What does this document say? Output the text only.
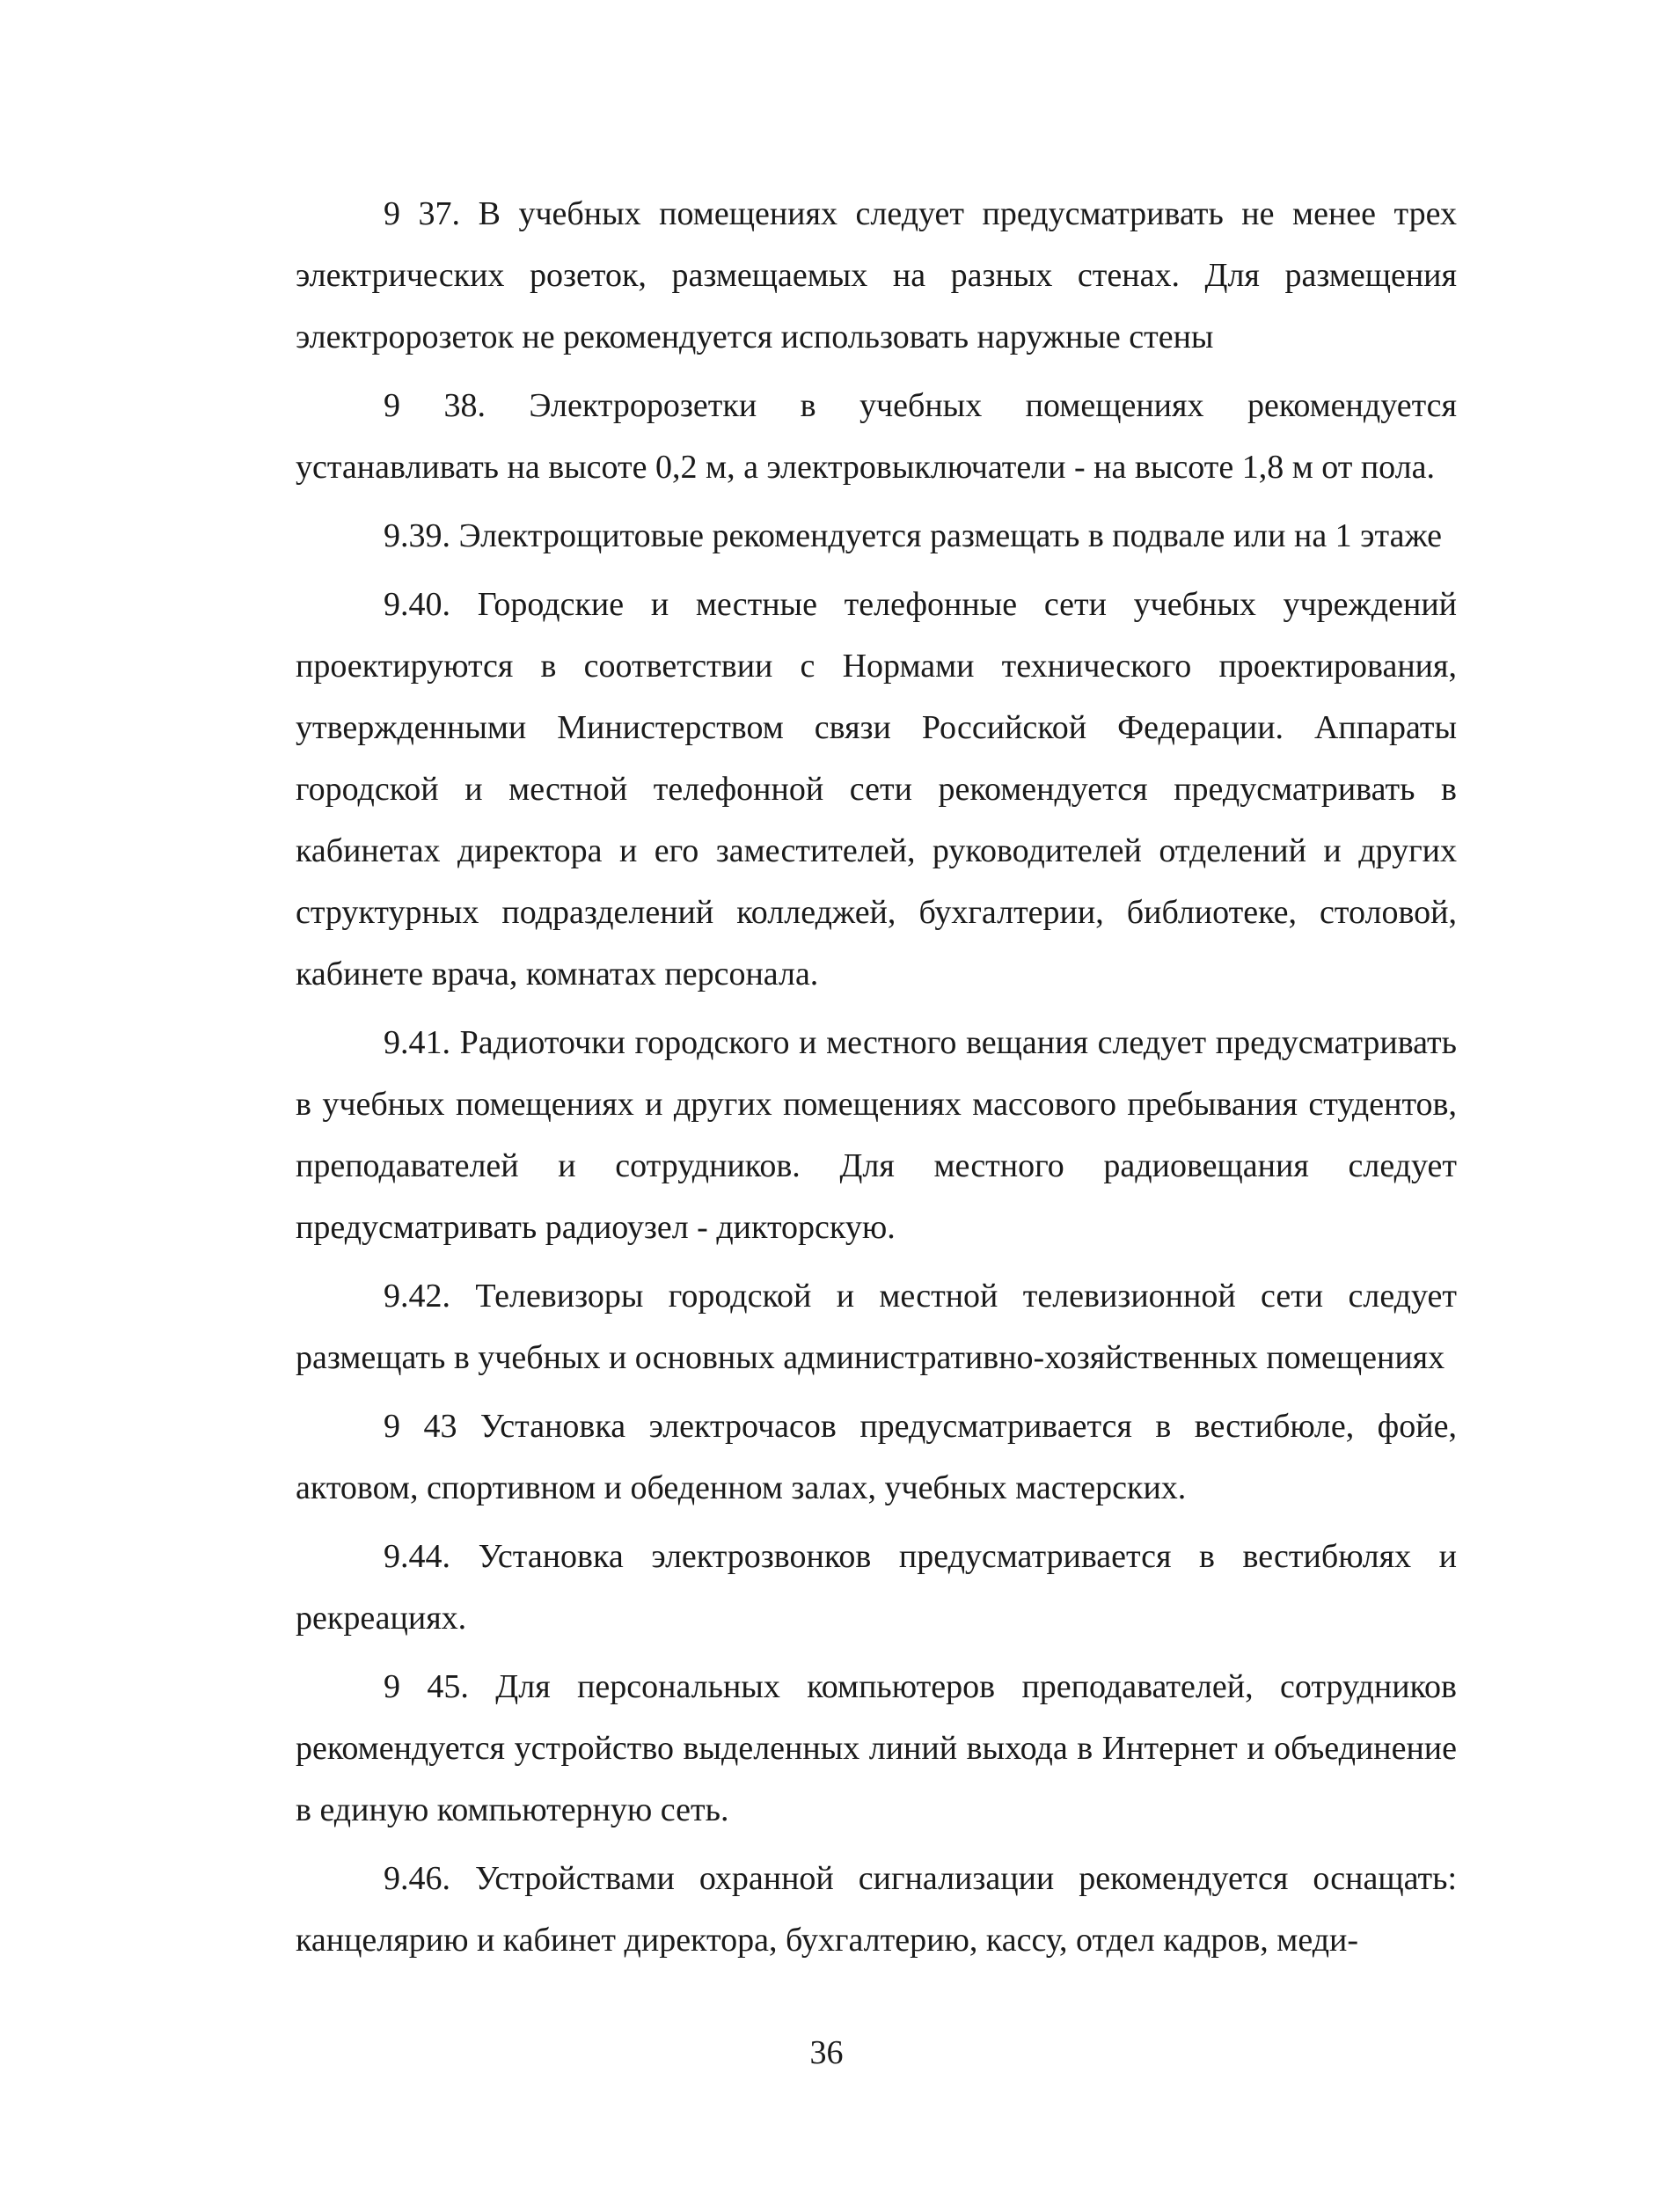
9 37. В учебных помещениях следует предусматривать не менее трех электрических розеток, размещаемых на разных стенах. Для размещения электророзеток не рекомендуется использовать наружные стены

9 38. Электророзетки в учебных помещениях рекомендуется устанавливать на высоте 0,2 м, а электровыключатели - на высоте 1,8 м от пола.

9.39. Электрощитовые рекомендуется размещать в подвале или на 1 этаже

9.40. Городские и местные телефонные сети учебных учреждений проектируются в соответствии с Нормами технического проектирования, утвержденными Министерством связи Российской Федерации. Аппараты городской и местной телефонной сети рекомендуется предусматривать в кабинетах директора и его заместителей, руководителей отделений и других структурных подразделений колледжей, бухгалтерии, библиотеке, столовой, кабинете врача, комнатах персонала.

9.41. Радиоточки городского и местного вещания следует предусматривать в учебных помещениях и других помещениях массового пребывания студентов, преподавателей и сотрудников. Для местного радиовещания следует предусматривать радиоузел - дикторскую.

9.42. Телевизоры городской и местной телевизионной сети следует размещать в учебных и основных административно-хозяйственных помещениях

9 43 Установка электрочасов предусматривается в вестибюле, фойе, актовом, спортивном и обеденном залах, учебных мастерских.

9.44. Установка электрозвонков предусматривается в вестибюлях и рекреациях.

9 45. Для персональных компьютеров преподавателей, сотрудников рекомендуется устройство выделенных линий выхода в Интернет и объединение в единую компьютерную сеть.

9.46. Устройствами охранной сигнализации рекомендуется оснащать: канцелярию и кабинет директора, бухгалтерию, кассу, отдел кадров, меди-

36
